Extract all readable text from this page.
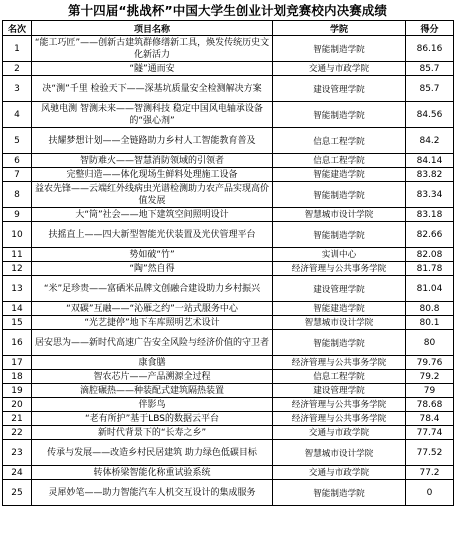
第十四届“挑战杯”中国大学生创业计划竞赛校内决赛成绩
名次	项目名称	学院	得分
1	“能工巧匠”——创新古建筑群修缮新工具，焕发传统历史文化新活力	智能制造学院	86.16
2	“隧”通而安	交通与市政学院	85.7
3	决“测”千里 检验天下——深基坑质量安全检测解决方案	建设管理学院	85.7
4	风驰电测 智测未来——智测科技 稳定中国风电轴承设备的“强心剂”	智能制造学院	84.56
5	扶耀梦想计划——全链路助力乡村人工智能教育普及	信息工程学院	84.2
6	智防难火——智慧消防领域的引领者	信息工程学院	84.14
7	完整归造——体化现场生鲜料处理施工设备	智能建造学院	83.82
8	益农先锋——云端红外线病虫光谱检测助力农产品实现高价值发展	智能制造学院	83.34
9	大“筒”社会——地下建筑空间照明设计	智慧城市设计学院	83.18
10	扶摇直上——四大新型智能光伏装置及光伏管理平台	智能制造学院	82.66
11	势如破“竹”	实训中心	82.08
12	“陶”然自得	经济管理与公共事务学院	81.78
13	“米”足珍贵——富硒米品牌文创融合建设助力乡村振兴	建设管理学院	81.04
14	“双碳”互融——“沁雁之约”一站式服务中心	智能建造学院	80.8
15	“光艺捷停”地下车库照明艺术设计	智慧城市设计学院	80.1
16	居安思为——新时代高速广告安全风险与经济价值的守卫者	智能制造学院	80
17	康食膳	经济管理与公共事务学院	79.76
18	智农芯片——产品溯源全过程	信息工程学院	79.2
19	滴腔碾热——种装配式建筑隔热装置	建设管理学院	79
20	伴影鸟	经济管理与公共事务学院	78.68
21	“老有所护”基于LBS的数据云平台	经济管理与公共事务学院	78.4
22	新时代背景下的“长寿之乡”	交通与市政学院	77.74
23	传承与发展——改造乡村民居建筑 助力绿色低碳目标	智慧城市设计学院	77.52
24	转体桥梁智能化称重试验系统	交通与市政学院	77.2
25	灵犀妙笔——助力智能汽车人机交互设计的集成服务	智能制造学院	0
